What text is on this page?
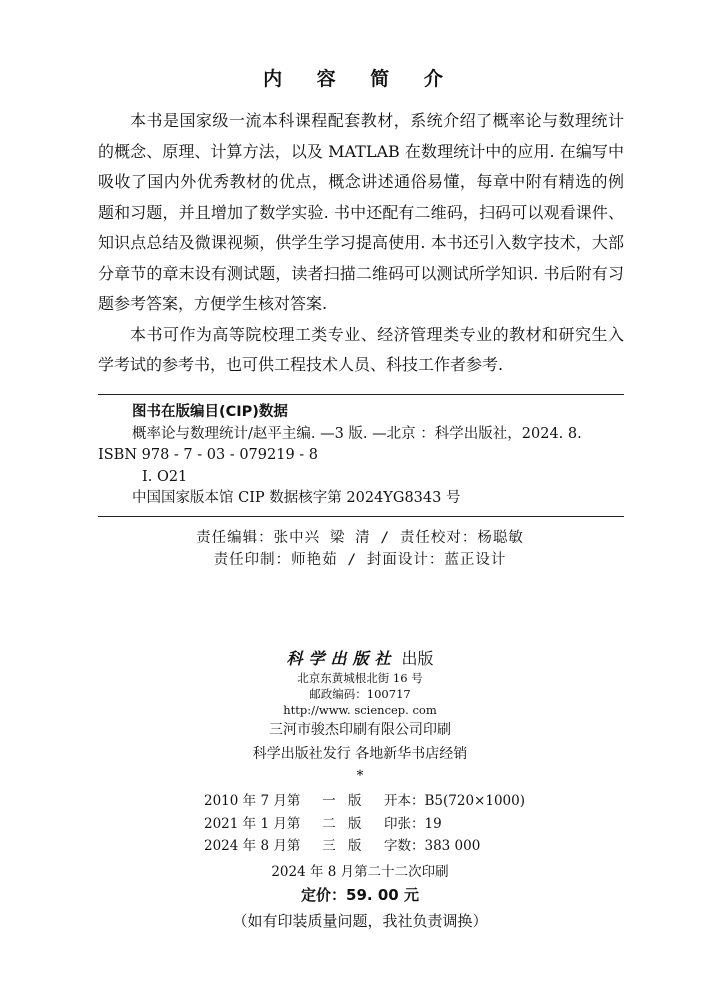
内 容 简 介

本书是国家级一流本科课程配套教材，系统介绍了概率论与数理统计的概念、原理、计算方法，以及 MATLAB 在数理统计中的应用. 在编写中吸收了国内外优秀教材的优点，概念讲述通俗易懂，每章中附有精选的例题和习题，并且增加了数学实验. 书中还配有二维码，扫码可以观看课件、知识点总结及微课视频，供学生学习提高使用. 本书还引入数字技术，大部分章节的章末设有测试题，读者扫描二维码可以测试所学知识. 书后附有习题参考答案，方便学生核对答案.

本书可作为高等院校理工类专业、经济管理类专业的教材和研究生入学考试的参考书，也可供工程技术人员、科技工作者参考.

图书在版编目(CIP)数据
概率论与数理统计/赵平主编. —3 版. —北京 ：科学出版社，2024. 8.
ISBN 978 - 7 - 03 - 079219 - 8
Ⅰ. O21
中国国家版本馆 CIP 数据核字第 2024YG8343 号
责任编辑：张中兴 梁 清 / 责任校对：杨聪敏
责任印制：师艳茹 / 封面设计：蓝正设计
科学出版社 出版
北京东黄城根北街 16 号
邮政编码：100717
http://www. sciencep. com
三河市骏杰印刷有限公司印刷
科学出版社发行 各地新华书店经销
*
2010 年 7 月第	一 版	开本：B5(720×1000)
2021 年 1 月第	二 版	印张：19
2024 年 8 月第	三 版	字数：383 000
2024 年 8 月第二十二次印刷
定价：59. 00 元
（如有印装质量问题，我社负责调换）
